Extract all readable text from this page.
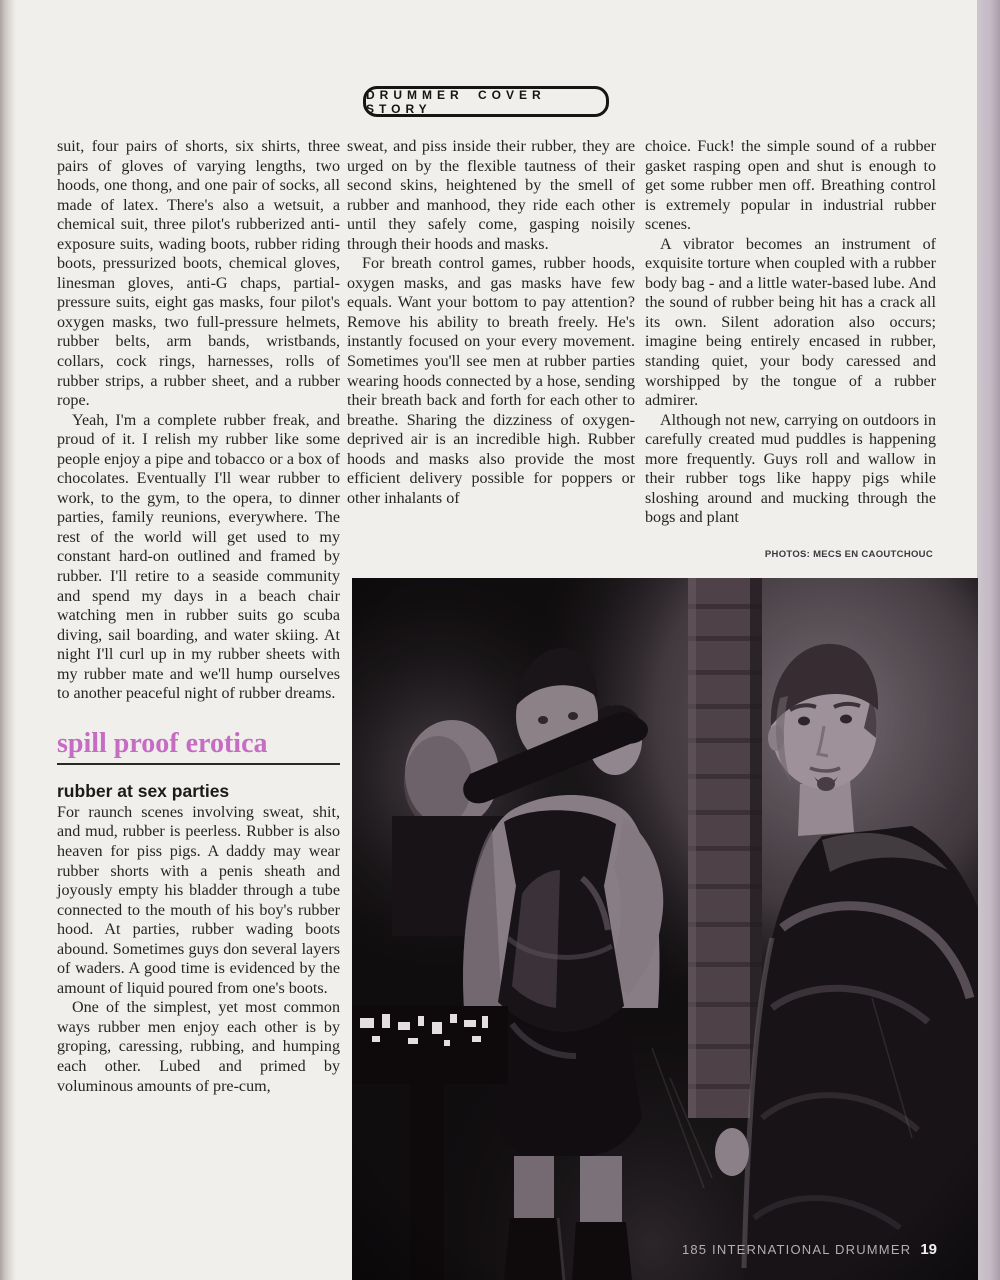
DRUMMER COVER STORY

suit, four pairs of shorts, six shirts, three pairs of gloves of varying lengths, two hoods, one thong, and one pair of socks, all made of latex. There's also a wetsuit, a chemical suit, three pilot's rubberized anti-exposure suits, wading boots, rubber riding boots, pressurized boots, chemical gloves, linesman gloves, anti-G chaps, partial-pressure suits, eight gas masks, four pilot's oxygen masks, two full-pressure helmets, rubber belts, arm bands, wristbands, collars, cock rings, harnesses, rolls of rubber strips, a rubber sheet, and a rubber rope.

Yeah, I'm a complete rubber freak, and proud of it. I relish my rubber like some people enjoy a pipe and tobacco or a box of chocolates. Eventually I'll wear rubber to work, to the gym, to the opera, to dinner parties, family reunions, everywhere. The rest of the world will get used to my constant hard-on outlined and framed by rubber. I'll retire to a seaside community and spend my days in a beach chair watching men in rubber suits go scuba diving, sail boarding, and water skiing. At night I'll curl up in my rubber sheets with my rubber mate and we'll hump ourselves to another peaceful night of rubber dreams.

spill proof erotica
rubber at sex parties

For raunch scenes involving sweat, shit, and mud, rubber is peerless. Rubber is also heaven for piss pigs. A daddy may wear rubber shorts with a penis sheath and joyously empty his bladder through a tube connected to the mouth of his boy's rubber hood. At parties, rubber wading boots abound. Sometimes guys don several layers of waders. A good time is evidenced by the amount of liquid poured from one's boots.

One of the simplest, yet most common ways rubber men enjoy each other is by groping, caressing, rubbing, and humping each other. Lubed and primed by voluminous amounts of pre-cum,

sweat, and piss inside their rubber, they are urged on by the flexible tautness of their second skins, heightened by the smell of rubber and manhood, they ride each other until they safely come, gasping noisily through their hoods and masks.

For breath control games, rubber hoods, oxygen masks, and gas masks have few equals. Want your bottom to pay attention? Remove his ability to breath freely. He's instantly focused on your every movement. Sometimes you'll see men at rubber parties wearing hoods connected by a hose, sending their breath back and forth for each other to breathe. Sharing the dizziness of oxygen-deprived air is an incredible high. Rubber hoods and masks also provide the most efficient delivery possible for poppers or other inhalants of

choice. Fuck! the simple sound of a rubber gasket rasping open and shut is enough to get some rubber men off. Breathing control is extremely popular in industrial rubber scenes.

A vibrator becomes an instrument of exquisite torture when coupled with a rubber body bag - and a little water-based lube. And the sound of rubber being hit has a crack all its own. Silent adoration also occurs; imagine being entirely encased in rubber, standing quiet, your body caressed and worshipped by the tongue of a rubber admirer.

Although not new, carrying on outdoors in carefully created mud puddles is happening more frequently. Guys roll and wallow in their rubber togs like happy pigs while sloshing around and mucking through the bogs and plant

PHOTOS: MECS EN CAOUTCHOUC
185 INTERNATIONAL DRUMMER 19
